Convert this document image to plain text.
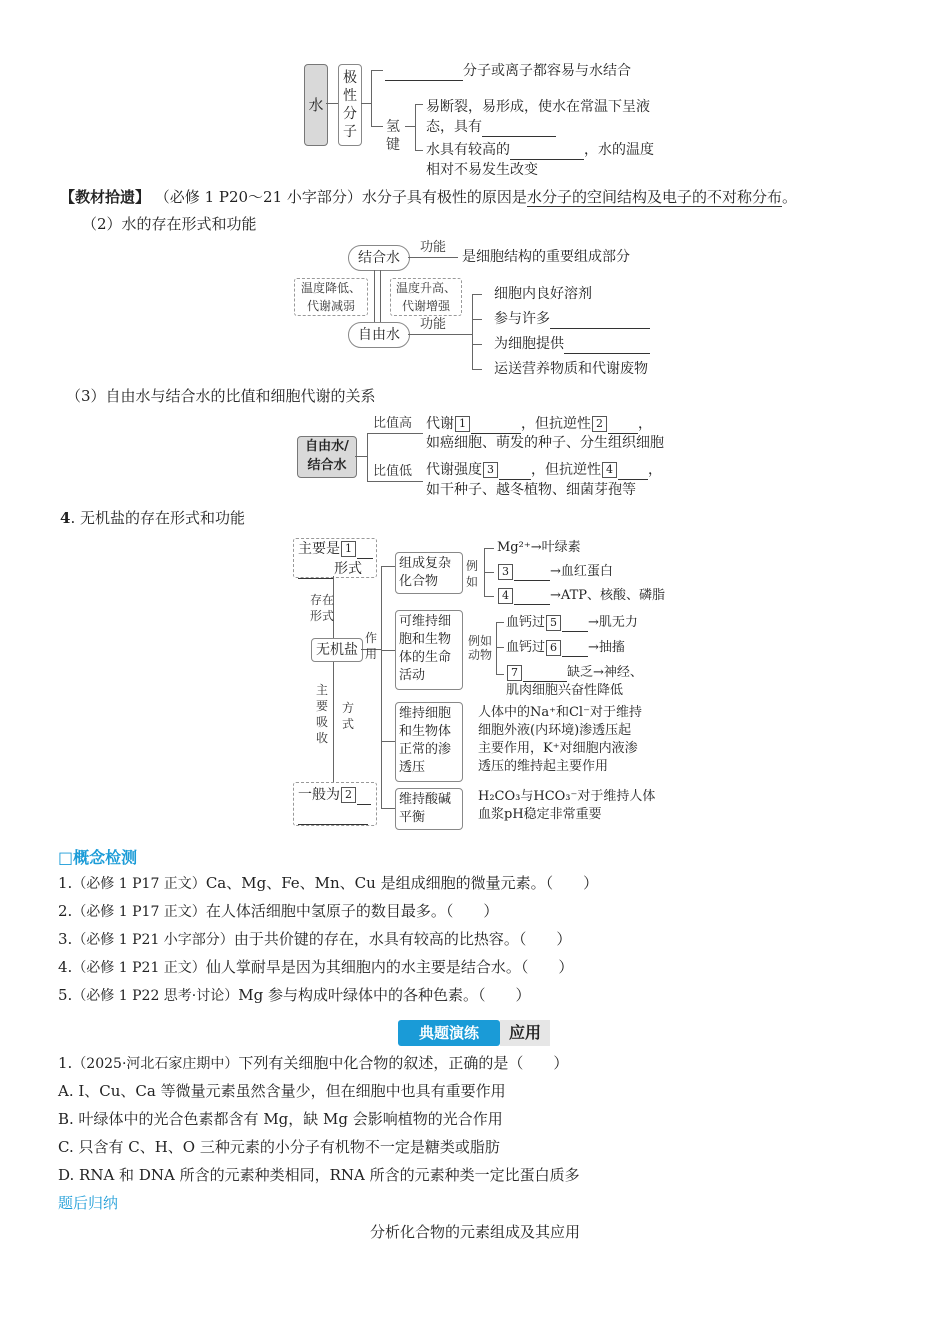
水
极性分子
分子或离子都容易与水结合
氢键
易断裂，易形成，使水在常温下呈液
态，具有
水具有较高的	，水的温度
相对不易发生改变
【教材拾遗】 （必修 1 P20～21 小字部分）水分子具有极性的原因是水分子的空间结构及电子的不对称分布。
（2）水的存在形式和功能
结合水
功能
是细胞结构的重要组成部分
温度降低、
代谢减弱
温度升高、
代谢增强
自由水
功能
细胞内良好溶剂
参与许多
为细胞提供
运送营养物质和代谢废物
（3）自由水与结合水的比值和细胞代谢的关系
自由水/
结合水
比值高
比值低
代谢 1	，但抗逆性 2	，
如癌细胞、萌发的种子、分生组织细胞
代谢强度 3	，但抗逆性 4	，
如干种子、越冬植物、细菌芽孢等
4. 无机盐的存在形式和功能
主要是 1
形式
一般为 2
存在形式
主要吸收
方式
无机盐
作用
组成复杂化合物
例如
Mg²⁺→叶绿素
3	→血红蛋白
4	→ATP、核酸、磷脂
可维持细胞和生物体的生命活动
例如动物
血钙过 5 →肌无力
血钙过 6 →抽搐
7	缺乏→神经、
肌肉细胞兴奋性降低
维持细胞和生物体正常的渗透压
人体中的Na⁺和Cl⁻对于维持
细胞外液(内环境)渗透压起
主要作用，K⁺对细胞内液渗
透压的维持起主要作用
维持酸碱平衡
H₂CO₃与HCO₃⁻对于维持人体
血浆pH稳定非常重要
□概念检测
1.（必修 1 P17 正文）Ca、Mg、Fe、Mn、Cu 是组成细胞的微量元素。（　　）
2.（必修 1 P17 正文）在人体活细胞中氢原子的数目最多。（　　）
3.（必修 1 P21 小字部分）由于共价键的存在，水具有较高的比热容。（　　）
4.（必修 1 P21 正文）仙人掌耐旱是因为其细胞内的水主要是结合水。（　　）
5.（必修 1 P22 思考·讨论）Mg 参与构成叶绿体中的各种色素。（　　）
典题演练	应用
1.（2025·河北石家庄期中）下列有关细胞中化合物的叙述，正确的是（　　）
A. I、Cu、Ca 等微量元素虽然含量少，但在细胞中也具有重要作用
B. 叶绿体中的光合色素都含有 Mg，缺 Mg 会影响植物的光合作用
C. 只含有 C、H、O 三种元素的小分子有机物不一定是糖类或脂肪
D. RNA 和 DNA 所含的元素种类相同，RNA 所含的元素种类一定比蛋白质多
题后归纳
分析化合物的元素组成及其应用
